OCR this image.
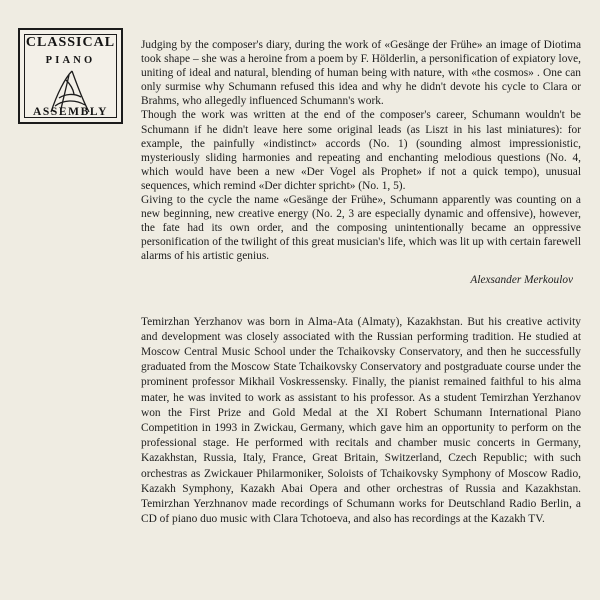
CLASSICAL
PIANO
ASSEMBLY

Judging by the composer's diary, during the work of «Gesänge der Frühe» an image of Diotima took shape – she was a heroine from a poem by F. Hölderlin, a personification of expiatory love, uniting of ideal and natural, blending of human being with nature, with «the cosmos» . One can only surmise why Schumann refused this idea and why he didn't devote his cycle to Clara or Brahms, who allegedly influenced Schumann's work.

Though the work was written at the end of the composer's career, Schumann wouldn't be Schumann if he didn't leave here some original leads (as Liszt in his last miniatures): for example, the painfully «indistinct» accords (No. 1) (sounding almost impressionistic, mysteriously sliding harmonies and repeating and enchanting melodious questions (No. 4, which would have been a new «Der Vogel als Prophet» if not a quick tempo), unusual sequences, which remind «Der dichter spricht» (No. 1, 5).

Giving to the cycle the name «Gesänge der Frühe», Schumann apparently was counting on a new beginning, new creative energy (No. 2, 3 are especially dynamic and offensive), however, the fate had its own order, and the composing unintentionally became an oppressive personification of the twilight of this great musician's life, which was lit up with certain farewell alarms of his artistic genius.

Alexsander Merkoulov

Temirzhan Yerzhanov was born in Alma-Ata (Almaty), Kazakhstan. But his creative activity and development was closely associated with the Russian performing tradition. He studied at Moscow Central Music School under the Tchaikovsky Conservatory, and then he successfully graduated from the Moscow State Tchaikovsky Conservatory and postgraduate course under the prominent professor Mikhail Voskressensky. Finally, the pianist remained faithful to his alma mater, he was invited to work as assistant to his professor. As a student Temirzhan Yerzhanov won the First Prize and Gold Medal at the XI Robert Schumann International Piano Competition in 1993 in Zwickau, Germany, which gave him an opportunity to perform on the professional stage. He performed with recitals and chamber music concerts in Germany, Kazakhstan, Russia, Italy, France, Great Britain, Switzerland, Czech Republic; with such orchestras as Zwickauer Philarmoniker, Soloists of Tchaikovsky Symphony of Moscow Radio, Kazakh Symphony, Kazakh Abai Opera and other orchestras of Russia and Kazakhstan. Temirzhan Yerzhnanov made recordings of Schumann works for Deutschland Radio Berlin, a CD of piano duo music with Clara Tchotoeva, and also has recordings at the Kazakh TV.
